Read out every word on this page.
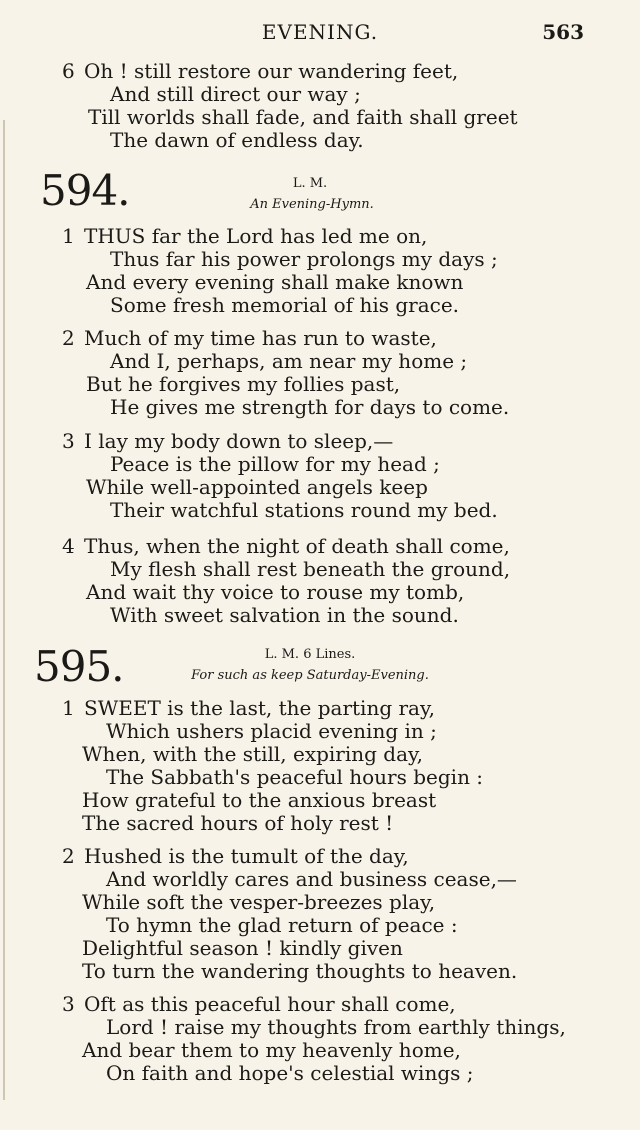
EVENING.	563
6 Oh ! still restore our wandering feet,
And still direct our way ;
Till worlds shall fade, and faith shall greet
The dawn of endless day.
594.	L. M.
An Evening-Hymn.
1 THUS far the Lord has led me on,
Thus far his power prolongs my days ;
And every evening shall make known
Some fresh memorial of his grace.
2 Much of my time has run to waste,
And I, perhaps, am near my home ;
But he forgives my follies past,
He gives me strength for days to come.
3 I lay my body down to sleep,—
Peace is the pillow for my head ;
While well-appointed angels keep
Their watchful stations round my bed.
4 Thus, when the night of death shall come,
My flesh shall rest beneath the ground,
And wait thy voice to rouse my tomb,
With sweet salvation in the sound.
595.	L. M. 6 Lines.
For such as keep Saturday-Evening.
1 SWEET is the last, the parting ray,
Which ushers placid evening in ;
When, with the still, expiring day,
The Sabbath's peaceful hours begin :
How grateful to the anxious breast
The sacred hours of holy rest !
2 Hushed is the tumult of the day,
And worldly cares and business cease,—
While soft the vesper-breezes play,
To hymn the glad return of peace :
Delightful season ! kindly given
To turn the wandering thoughts to heaven.
3 Oft as this peaceful hour shall come,
Lord ! raise my thoughts from earthly things,
And bear them to my heavenly home,
On faith and hope's celestial wings ;
